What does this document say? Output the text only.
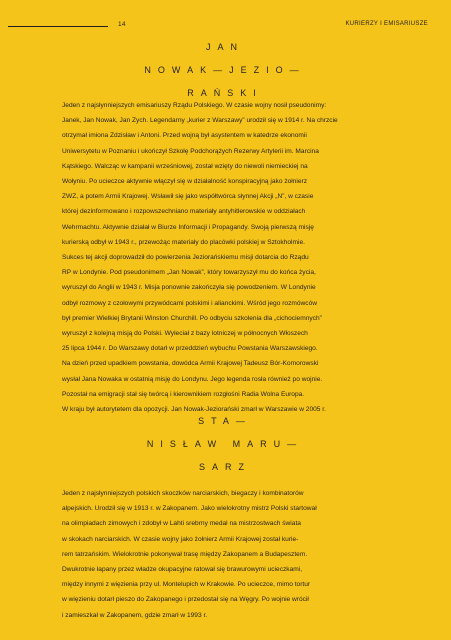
14	KURIERZY I EMISARIUSZE

JAN

NOWAK—JEZIO—

RAŃSKI

Jeden z najsłynniejszych emisariuszy Rządu Polskiego. W czasie wojny nosił pseudonimy:

Janek, Jan Nowak, Jan Zych. Legendarny „kurier z Warszawy” urodził się w 1914 r. Na chrzcie

otrzymał imiona Zdzisław i Antoni. Przed wojną był asystentem w katedrze ekonomii

Uniwersytetu w Poznaniu i ukończył Szkołę Podchorążych Rezerwy Artylerii im. Marcina

Kątskiego. Walcząc w kampanii wrześniowej, został wzięty do niewoli niemieckiej na

Wołyniu. Po ucieczce aktywnie włączył się w działalność konspiracyjną jako żołnierz

ZWZ, a potem Armii Krajowej. Wsławił się jako współtwórca słynnej Akcji „N”, w czasie

której dezinformowano i rozpowszechniano materiały antyhitlerowskie w oddziałach

Wehrmachtu. Aktywnie działał w Biurze Informacji i Propagandy. Swoją pierwszą misję

kurierską odbył w 1943 r., przewożąc materiały do placówki polskiej w Sztokholmie.

Sukces tej akcji doprowadził do powierzenia Jeziorańskiemu misji dotarcia do Rządu

RP w Londynie. Pod pseudonimem „Jan Nowak”, który towarzyszył mu do końca życia,

wyruszył do Anglii w 1943 r. Misja ponownie zakończyła się powodzeniem. W Londynie

odbył rozmowy z czołowymi przywódcami polskimi i alianckimi. Wśród jego rozmówców

był premier Wielkiej Brytanii Winston Churchill. Po odbyciu szkolenia dla „cichociemnych”

wyruszył z kolejną misją do Polski. Wyleciał z bazy lotniczej w północnych Włoszech

25 lipca 1944 r. Do Warszawy dotarł w przeddzień wybuchu Powstania Warszawskiego.

Na dzień przed upadkiem powstania, dowódca Armii Krajowej Tadeusz Bór-Komorowski

wysłał Jana Nowaka w ostatnią misję do Londynu. Jego legenda rosła również po wojnie.

Pozostał na emigracji stał się twórcą i kierownikiem rozgłośni Radia Wolna Europa.

W kraju był autorytetem dla opozycji. Jan Nowak-Jeziorański zmarł w Warszawie w 2005 r.

STA—

NISŁAW MARU—

SARZ

Jeden z najsłynniejszych polskich skoczków narciarskich, biegaczy i kombinatorów

alpejskich. Urodził się w 1913 r. w Zakopanem. Jako wielokrotny mistrz Polski startował

na olimpiadach zimowych i zdobył w Lahti srebrny medal na mistrzostwach świata

w skokach narciarskich. W czasie wojny jako żołnierz Armii Krajowej został kurie-

rem tatrzańskim. Wielokrotnie pokonywał trasę między Zakopanem a Budapesztem.

Dwukrotnie łapany przez władze okupacyjne ratował się brawurowymi ucieczkami,

między innymi z więzienia przy ul. Montelupich w Krakowie. Po ucieczce, mimo tortur

w więzieniu dotarł pieszo do Zakopanego i przedostał się na Węgry. Po wojnie wrócił

i zamieszkał w Zakopanem, gdzie zmarł w 1993 r.
